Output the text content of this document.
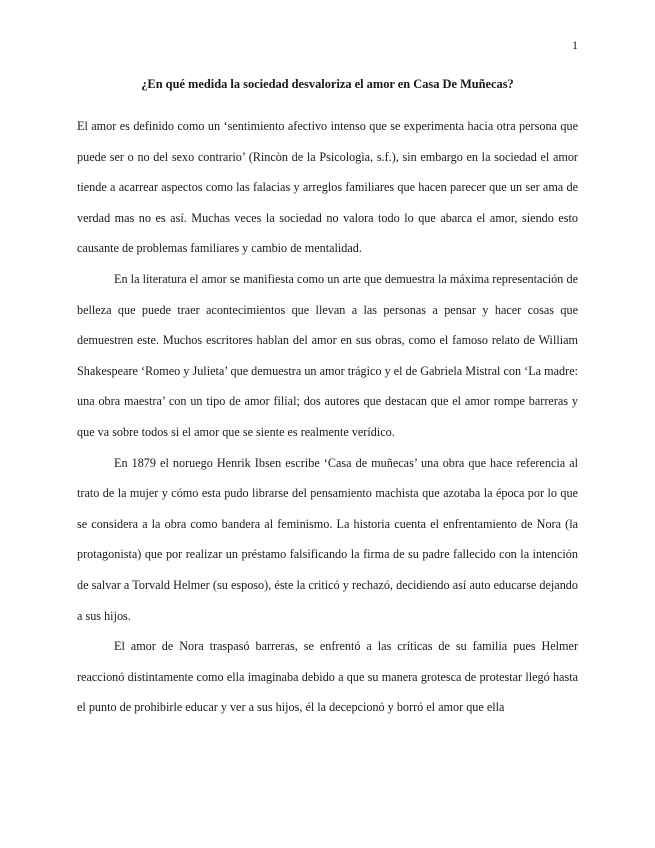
1
¿En qué medida la sociedad desvaloriza el amor en Casa De Muñecas?

El amor es definido como un ‘sentimiento afectivo intenso que se experimenta hacia otra persona que puede ser o no del sexo contrario’ (Rincòn de la Psicologìa, s.f.), sin embargo en la sociedad el amor tiende a acarrear aspectos como las falacias y arreglos familiares que hacen parecer que un ser ama de verdad mas no es así. Muchas veces la sociedad no valora todo lo que abarca el amor, siendo esto causante de problemas familiares y cambio de mentalidad.

En la literatura el amor se manifiesta como un arte que demuestra la máxima representación de belleza que puede traer acontecimientos que llevan a las personas a pensar y hacer cosas que demuestren este. Muchos escritores hablan del amor en sus obras, como el famoso relato de William Shakespeare ‘Romeo y Julieta’ que demuestra un amor trágico y el de Gabriela Mistral con ‘La madre: una obra maestra’ con un tipo de amor filial; dos autores que destacan que el amor rompe barreras y que va sobre todos si el amor que se siente es realmente verídico.

En 1879 el noruego Henrik Ibsen escribe ‘Casa de muñecas’ una obra que hace referencia al trato de la mujer y cómo esta pudo librarse del pensamiento machista que azotaba la época por lo que se considera a la obra como bandera al feminismo. La historia cuenta el enfrentamiento de Nora (la protagonista) que por realizar un préstamo falsificando la firma de su padre fallecido con la intención de salvar a Torvald Helmer (su esposo), éste la criticó y rechazó, decidiendo así auto educarse dejando a sus hijos.

El amor de Nora traspasó barreras, se enfrentó a las críticas de su familia pues Helmer reaccionó distintamente como ella imaginaba debido a que su manera grotesca de protestar llegó hasta el punto de prohibirle educar y ver a sus hijos, él la decepcionó y borró el amor que ella
